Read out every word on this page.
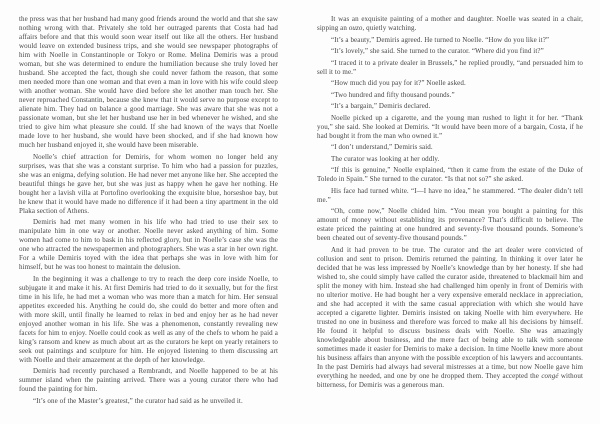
the press was that her husband had many good friends around the world and that she saw nothing wrong with that. Privately she told her outraged parents that Costa had had affairs before and that this would soon wear itself out like all the others. Her husband would leave on extended business trips, and she would see newspaper photographs of him with Noelle in Constantinople or Tokyo or Rome. Melina Demiris was a proud woman, but she was determined to endure the humiliation because she truly loved her husband. She accepted the fact, though she could never fathom the reason, that some men needed more than one woman and that even a man in love with his wife could sleep with another woman. She would have died before she let another man touch her. She never reproached Constantin, because she knew that it would serve no purpose except to alienate him. They had on balance a good marriage. She was aware that she was not a passionate woman, but she let her husband use her in bed whenever he wished, and she tried to give him what pleasure she could. If she had known of the ways that Noelle made love to her husband, she would have been shocked, and if she had known how much her husband enjoyed it, she would have been miserable.

Noelle’s chief attraction for Demiris, for whom women no longer held any surprises, was that she was a constant surprise. To him who had a passion for puzzles, she was an enigma, defying solution. He had never met anyone like her. She accepted the beautiful things he gave her, but she was just as happy when he gave her nothing. He bought her a lavish villa at Portofino overlooking the exquisite blue, horseshoe bay, but he knew that it would have made no difference if it had been a tiny apartment in the old Plaka section of Athens.

Demiris had met many women in his life who had tried to use their sex to manipulate him in one way or another. Noelle never asked anything of him. Some women had come to him to bask in his reflected glory, but in Noelle’s case she was the one who attracted the newspapermen and photographers. She was a star in her own right. For a while Demiris toyed with the idea that perhaps she was in love with him for himself, but he was too honest to maintain the delusion.

In the beginning it was a challenge to try to reach the deep core inside Noelle, to subjugate it and make it his. At first Demiris had tried to do it sexually, but for the first time in his life, he had met a woman who was more than a match for him. Her sensual appetites exceeded his. Anything he could do, she could do better and more often and with more skill, until finally he learned to relax in bed and enjoy her as he had never enjoyed another woman in his life. She was a phenomenon, constantly revealing new facets for him to enjoy. Noelle could cook as well as any of the chefs to whom he paid a king’s ransom and knew as much about art as the curators he kept on yearly retainers to seek out paintings and sculpture for him. He enjoyed listening to them discussing art with Noelle and their amazement at the depth of her knowledge.

Demiris had recently purchased a Rembrandt, and Noelle happened to be at his summer island when the painting arrived. There was a young curator there who had found the painting for him.

“It’s one of the Master’s greatest,” the curator had said as he unveiled it.

It was an exquisite painting of a mother and daughter. Noelle was seated in a chair, sipping an ouzo, quietly watching.

“It’s a beauty,” Demiris agreed. He turned to Noelle. “How do you like it?”

“It’s lovely,” she said. She turned to the curator. “Where did you find it?”

“I traced it to a private dealer in Brussels,” he replied proudly, “and persuaded him to sell it to me.”

“How much did you pay for it?” Noelle asked.

“Two hundred and fifty thousand pounds.”

“It’s a bargain,” Demiris declared.

Noelle picked up a cigarette, and the young man rushed to light it for her. “Thank you,” she said. She looked at Demiris. “It would have been more of a bargain, Costa, if he had bought it from the man who owned it.”

“I don’t understand,” Demiris said.

The curator was looking at her oddly.

“If this is genuine,” Noelle explained, “then it came from the estate of the Duke of Toledo in Spain.” She turned to the curator. “Is that not so?” she asked.

His face had turned white. “I—I have no idea,” he stammered. “The dealer didn’t tell me.”

“Oh, come now,” Noelle chided him. “You mean you bought a painting for this amount of money without establishing its provenance? That’s difficult to believe. The estate priced the painting at one hundred and seventy-five thousand pounds. Someone’s been cheated out of seventy-five thousand pounds.”

And it had proven to be true. The curator and the art dealer were convicted of collusion and sent to prison. Demiris returned the painting. In thinking it over later he decided that he was less impressed by Noelle’s knowledge than by her honesty. If she had wished to, she could simply have called the curator aside, threatened to blackmail him and split the money with him. Instead she had challenged him openly in front of Demiris with no ulterior motive. He had bought her a very expensive emerald necklace in appreciation, and she had accepted it with the same casual appreciation with which she would have accepted a cigarette lighter. Demiris insisted on taking Noelle with him everywhere. He trusted no one in business and therefore was forced to make all his decisions by himself. He found it helpful to discuss business deals with Noelle. She was amazingly knowledgeable about business, and the mere fact of being able to talk with someone sometimes made it easier for Demiris to make a decision. In time Noelle knew more about his business affairs than anyone with the possible exception of his lawyers and accountants. In the past Demiris had always had several mistresses at a time, but now Noelle gave him everything he needed, and one by one he dropped them. They accepted the congé without bitterness, for Demiris was a generous man.
